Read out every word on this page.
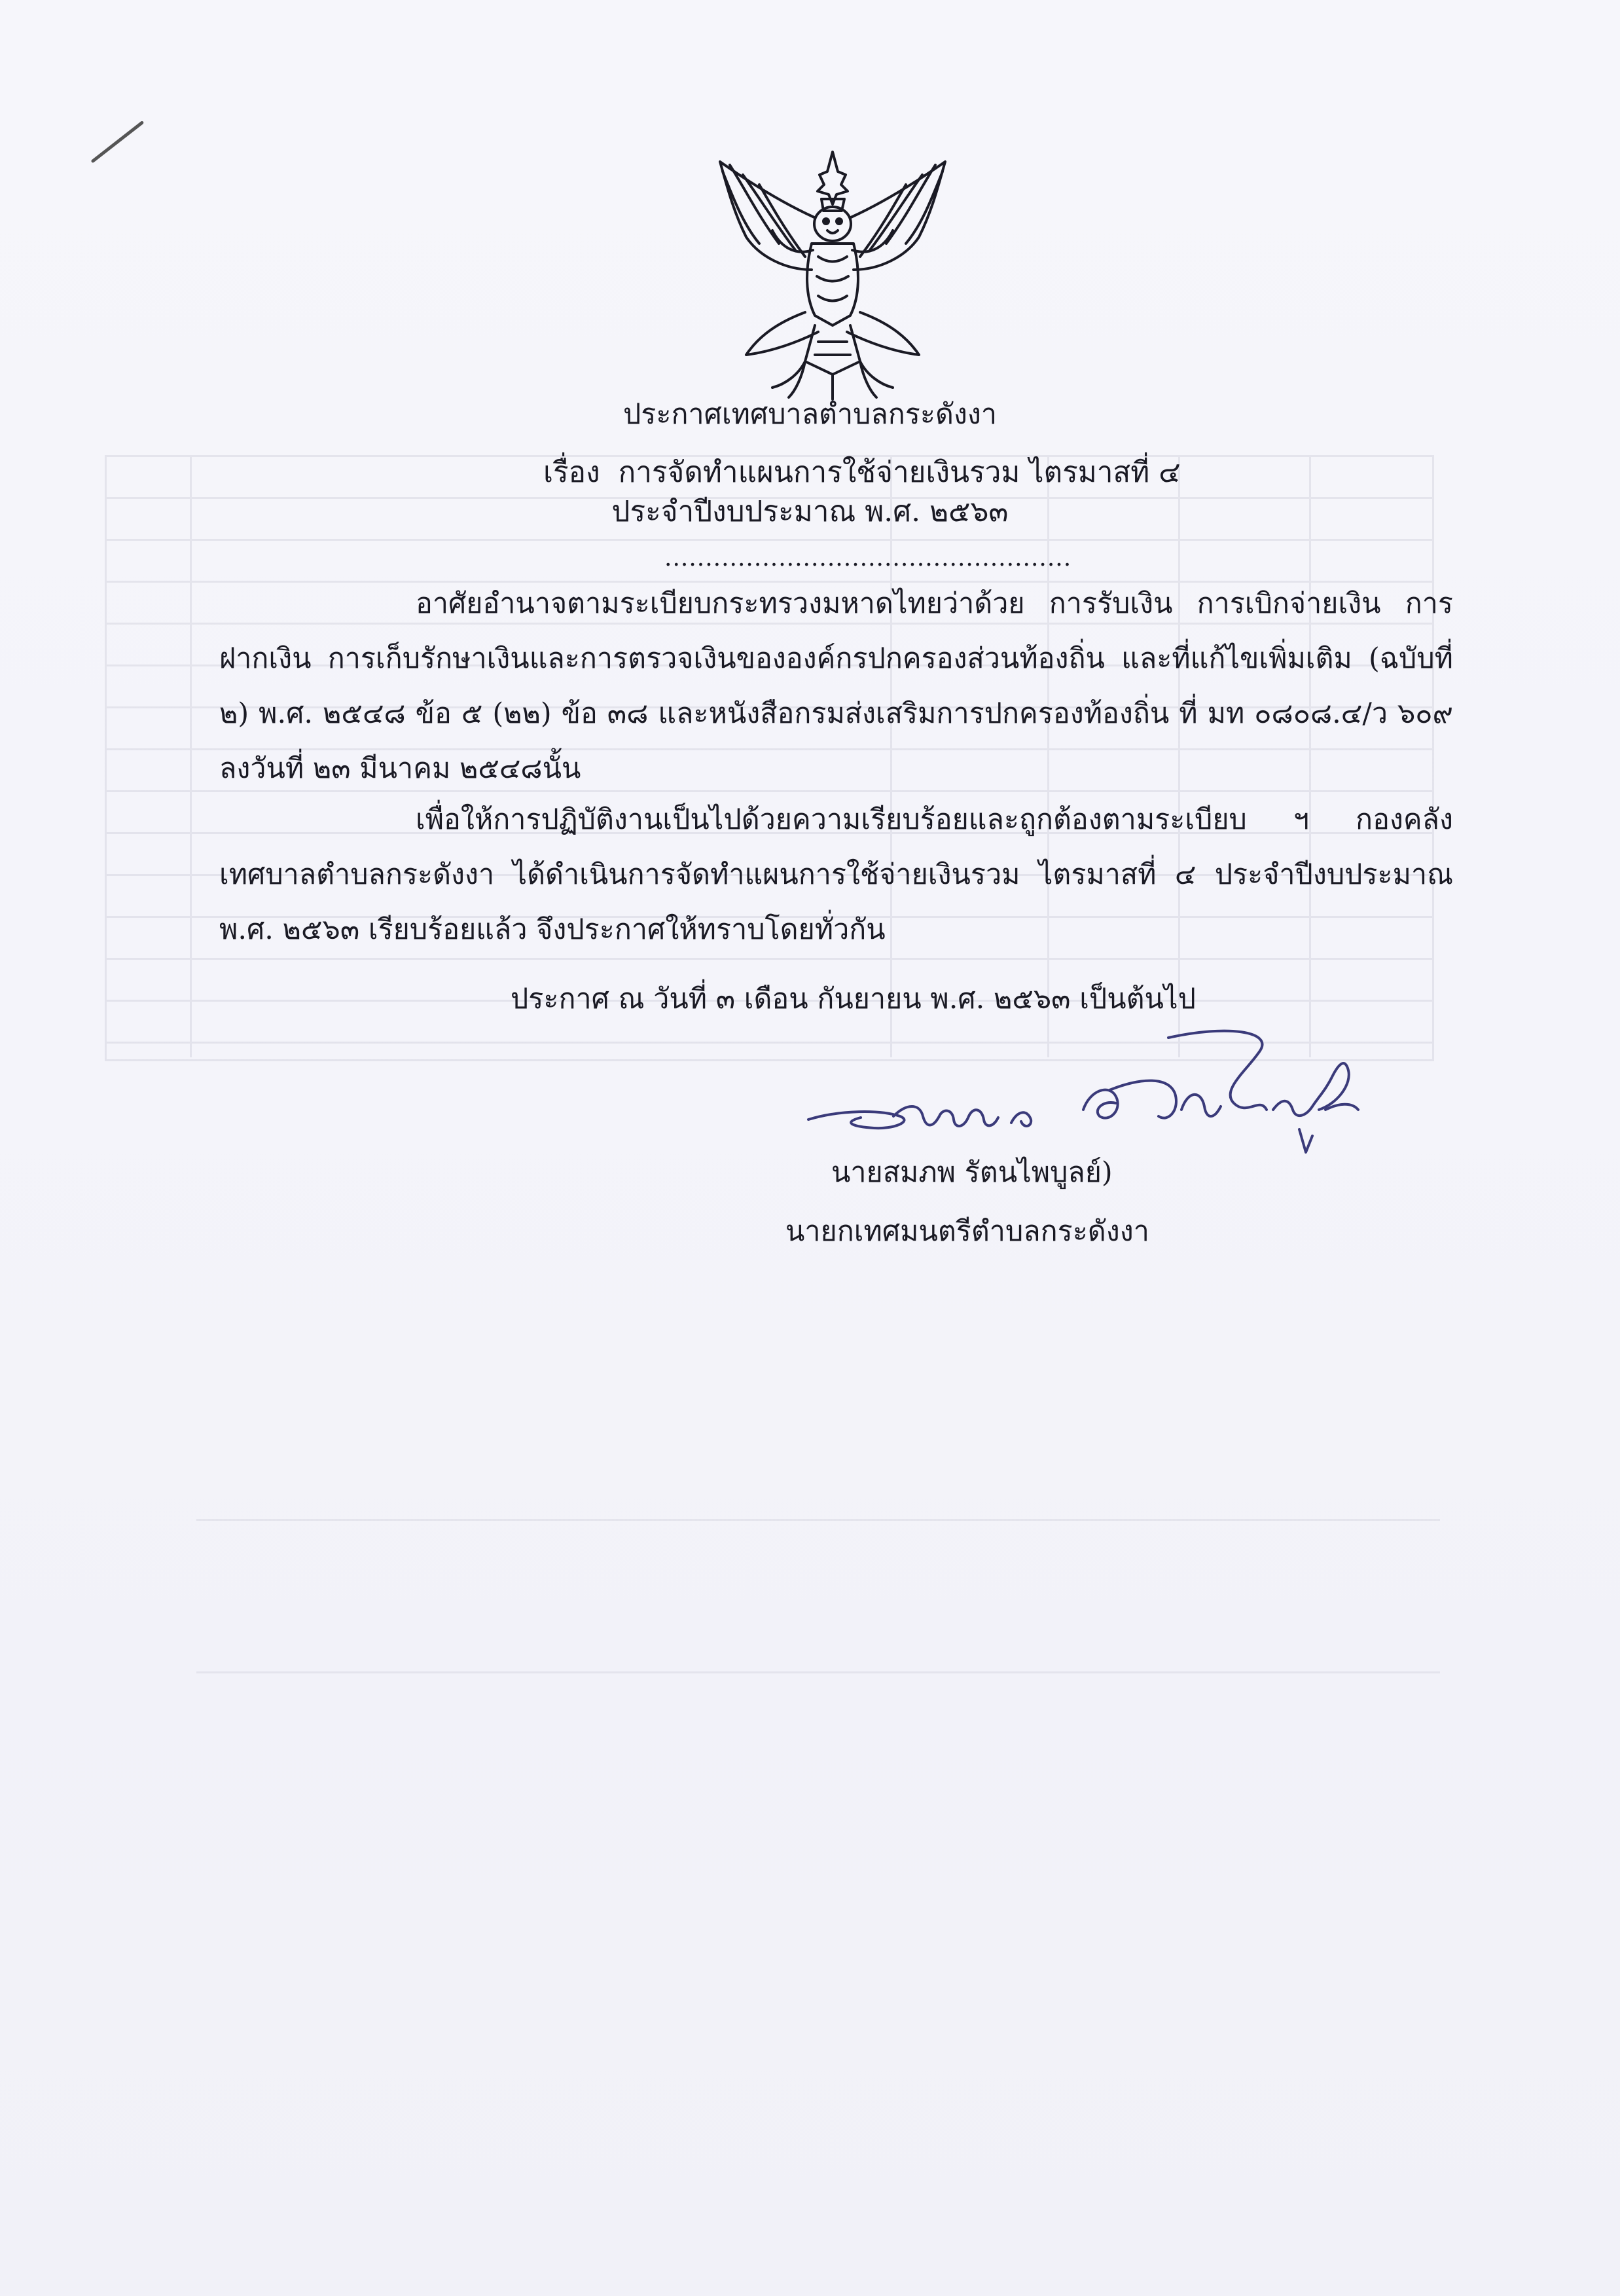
ประกาศเทศบาลตำบลกระดังงา
เรื่อง การจัดทำแผนการใช้จ่ายเงินรวม ไตรมาสที่ ๔
ประจำปีงบประมาณ พ.ศ. ๒๕๖๓
..................................................
อาศัยอำนาจตามระเบียบกระทรวงมหาดไทยว่าด้วย การรับเงิน การเบิกจ่ายเงิน การฝากเงิน การเก็บรักษาเงินและการตรวจเงินขององค์กรปกครองส่วนท้องถิ่น และที่แก้ไขเพิ่มเติม (ฉบับที่ ๒) พ.ศ. ๒๕๔๘ ข้อ ๕ (๒๒) ข้อ ๓๘ และหนังสือกรมส่งเสริมการปกครองท้องถิ่น ที่ มท ๐๘๐๘.๔/ว ๖๐๙ ลงวันที่ ๒๓ มีนาคม ๒๕๔๘นั้น
เพื่อให้การปฏิบัติงานเป็นไปด้วยความเรียบร้อยและถูกต้องตามระเบียบ ฯ กองคลังเทศบาลตำบลกระดังงา ได้ดำเนินการจัดทำแผนการใช้จ่ายเงินรวม ไตรมาสที่ ๔ ประจำปีงบประมาณ พ.ศ. ๒๕๖๓ เรียบร้อยแล้ว จึงประกาศให้ทราบโดยทั่วกัน
ประกาศ ณ วันที่ ๓ เดือน กันยายน พ.ศ. ๒๕๖๓ เป็นต้นไป
นายสมภพ รัตนไพบูลย์)
นายกเทศมนตรีตำบลกระดังงา
